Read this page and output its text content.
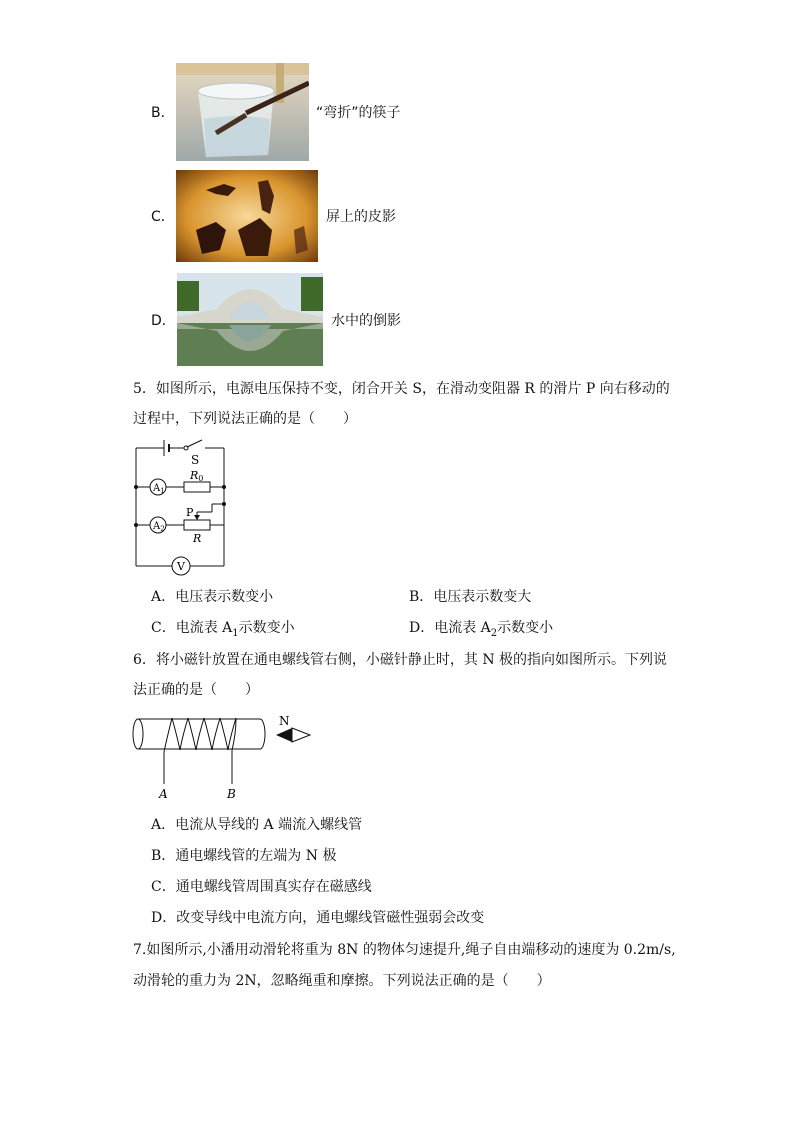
B．	“弯折”的筷子
C．	屏上的皮影
D．	水中的倒影
5．如图所示，电源电压保持不变，闭合开关 S，在滑动变阻器 R 的滑片 P 向右移动的
过程中，下列说法正确的是（　　）
S
$A_1$
R0
$A_2$
P
R
V
A．电压表示数变小	B．电压表示数变大
C．电流表 $A_1$示数变小	D．电流表 $A_2$示数变小
6．将小磁针放置在通电螺线管右侧，小磁针静止时，其 N 极的指向如图所示。下列说
法正确的是（　　）
N
A	B
A．电流从导线的 A 端流入螺线管
B．通电螺线管的左端为 N 极
C．通电螺线管周围真实存在磁感线
D．改变导线中电流方向，通电螺线管磁性强弱会改变
7.如图所示,小潘用动滑轮将重为 8N 的物体匀速提升,绳子自由端移动的速度为 0.2m/s,
动滑轮的重力为 2N，忽略绳重和摩擦。下列说法正确的是（　　）
